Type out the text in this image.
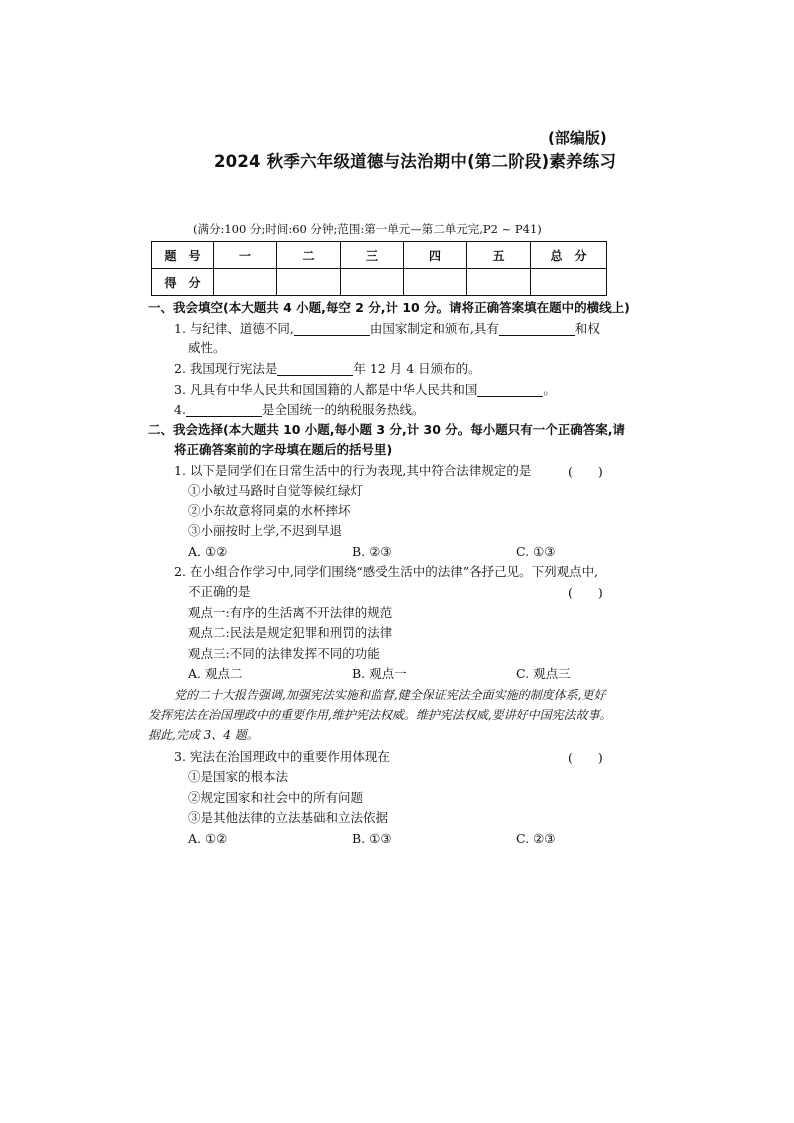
(部编版)
2024 秋季六年级道德与法治期中(第二阶段)素养练习
(满分:100 分;时间:60 分钟;范围:第一单元—第二单元完,P2 ~ P41)
题　号	一	二	三	四	五	总　分
得　分						
一、我会填空(本大题共 4 小题,每空 2 分,计 10 分。请将正确答案填在题中的横线上)
1. 与纪律、道德不同,	由国家制定和颁布,具有	和权
威性。
2. 我国现行宪法是	年 12 月 4 日颁布的。
3. 凡具有中华人民共和国国籍的人都是中华人民共和国	。
4.	是全国统一的纳税服务热线。
二、我会选择(本大题共 10 小题,每小题 3 分,计 30 分。每小题只有一个正确答案,请
将正确答案前的字母填在题后的括号里)
1. 以下是同学们在日常生活中的行为表现,其中符合法律规定的是	(　　)
①小敏过马路时自觉等候红绿灯
②小东故意将同桌的水杯摔坏
③小丽按时上学,不迟到早退
A. ①②	B. ②③	C. ①③
2. 在小组合作学习中,同学们围绕“感受生活中的法律”各抒己见。下列观点中,
不正确的是	(　　)
观点一:有序的生活离不开法律的规范
观点二:民法是规定犯罪和刑罚的法律
观点三:不同的法律发挥不同的功能
A. 观点二	B. 观点一	C. 观点三
党的二十大报告强调,加强宪法实施和监督,健全保证宪法全面实施的制度体系,更好
发挥宪法在治国理政中的重要作用,维护宪法权威。维护宪法权威,要讲好中国宪法故事。
据此,完成 3、4 题。
3. 宪法在治国理政中的重要作用体现在	(　　)
①是国家的根本法
②规定国家和社会中的所有问题
③是其他法律的立法基础和立法依据
A. ①②	B. ①③	C. ②③
